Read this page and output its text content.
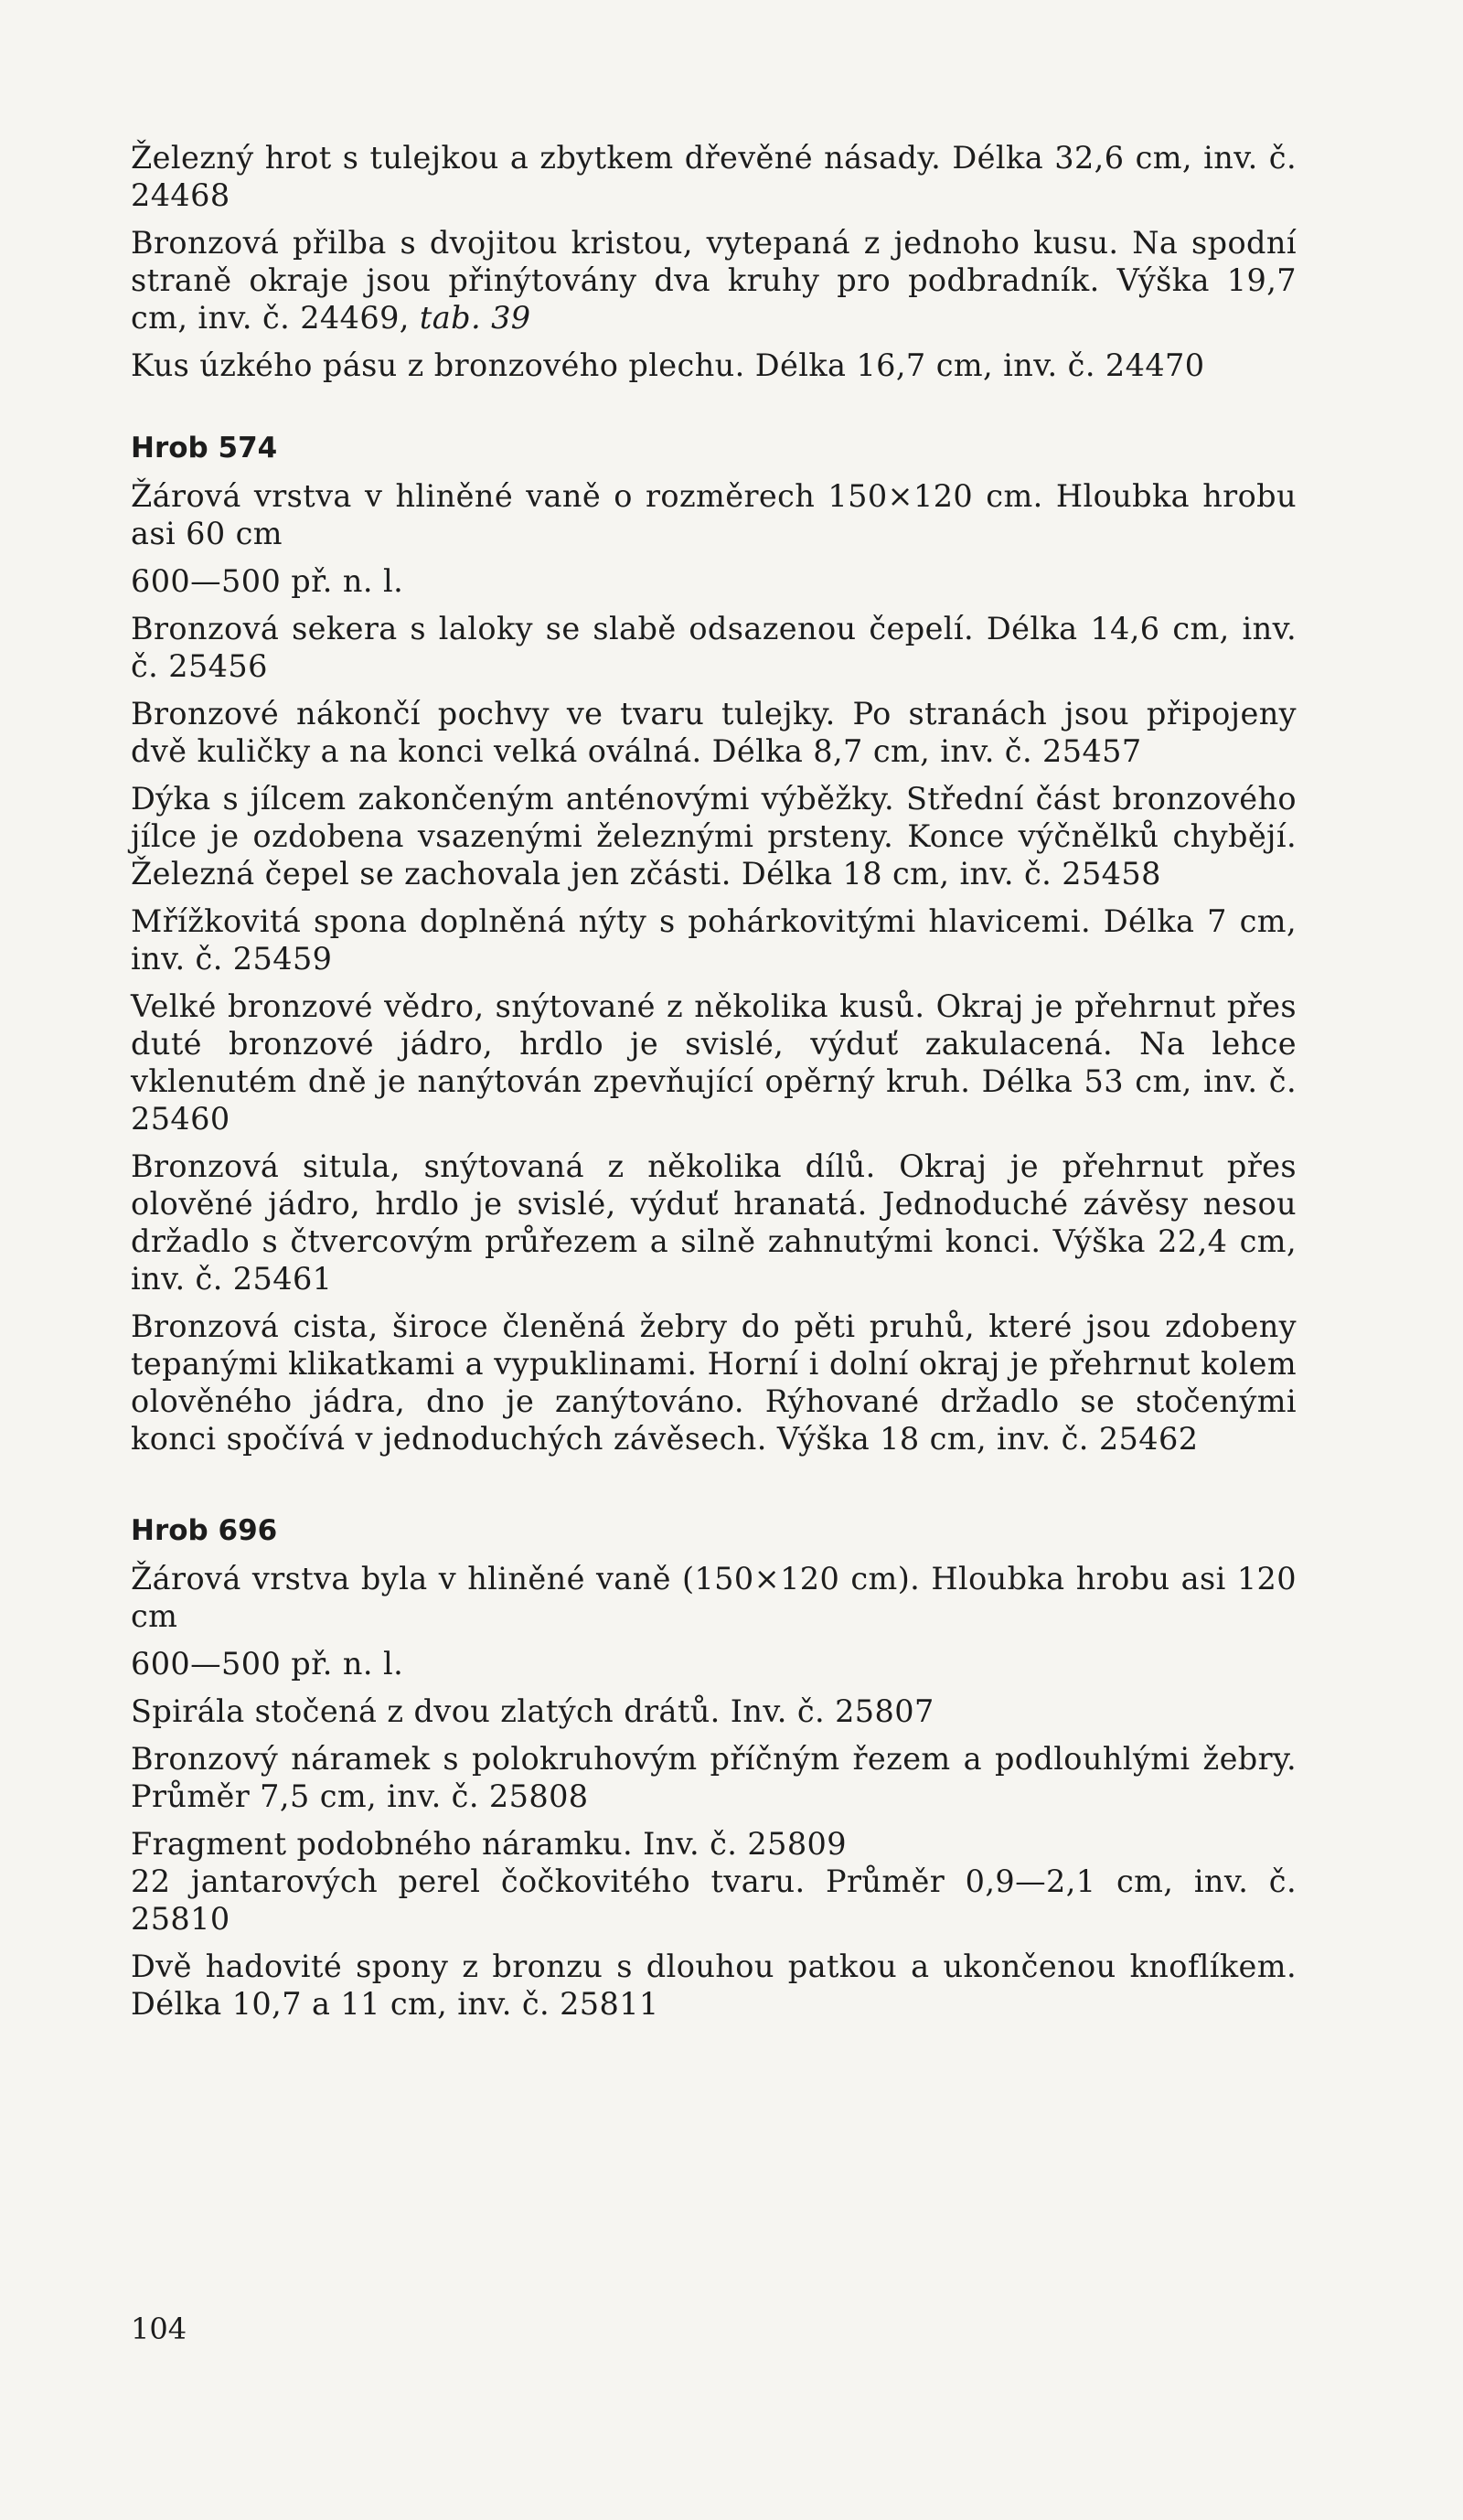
Železný hrot s tulejkou a zbytkem dřevěné násady. Délka 32,6 cm, inv. č. 24468

Bronzová přilba s dvojitou kristou, vytepaná z jednoho kusu. Na spodní straně okraje jsou přinýtovány dva kruhy pro podbradník. Výška 19,7 cm, inv. č. 24469, tab. 39

Kus úzkého pásu z bronzového plechu. Délka 16,7 cm, inv. č. 24470

Hrob 574

Žárová vrstva v hliněné vaně o rozměrech 150×120 cm. Hloubka hrobu asi 60 cm

600—500 př. n. l.

Bronzová sekera s laloky se slabě odsazenou čepelí. Délka 14,6 cm, inv. č. 25456

Bronzové nákončí pochvy ve tvaru tulejky. Po stranách jsou připojeny dvě kuličky a na konci velká oválná. Délka 8,7 cm, inv. č. 25457

Dýka s jílcem zakončeným anténovými výběžky. Střední část bronzového jílce je ozdobena vsazenými železnými prsteny. Konce výčnělků chybějí. Železná čepel se zachovala jen zčásti. Délka 18 cm, inv. č. 25458

Mřížkovitá spona doplněná nýty s pohárkovitými hlavicemi. Délka 7 cm, inv. č. 25459

Velké bronzové vědro, snýtované z několika kusů. Okraj je přehrnut přes duté bronzové jádro, hrdlo je svislé, výduť zakulacená. Na lehce vklenutém dně je nanýtován zpevňující opěrný kruh. Délka 53 cm, inv. č. 25460

Bronzová situla, snýtovaná z několika dílů. Okraj je přehrnut přes olověné jádro, hrdlo je svislé, výduť hranatá. Jednoduché závěsy nesou držadlo s čtvercovým průřezem a silně zahnutými konci. Výška 22,4 cm, inv. č. 25461

Bronzová cista, široce členěná žebry do pěti pruhů, které jsou zdobeny tepanými klikatkami a vypuklinami. Horní i dolní okraj je přehrnut kolem olověného jádra, dno je zanýtováno. Rýhované držadlo se stočenými konci spočívá v jednoduchých závěsech. Výška 18 cm, inv. č. 25462

Hrob 696

Žárová vrstva byla v hliněné vaně (150×120 cm). Hloubka hrobu asi 120 cm

600—500 př. n. l.

Spirála stočená z dvou zlatých drátů. Inv. č. 25807

Bronzový náramek s polokruhovým příčným řezem a podlouhlými žebry. Průměr 7,5 cm, inv. č. 25808

Fragment podobného náramku. Inv. č. 25809

22 jantarových perel čočkovitého tvaru. Průměr 0,9—2,1 cm, inv. č. 25810

Dvě hadovité spony z bronzu s dlouhou patkou a ukončenou knoflíkem. Délka 10,7 a 11 cm, inv. č. 25811

104
